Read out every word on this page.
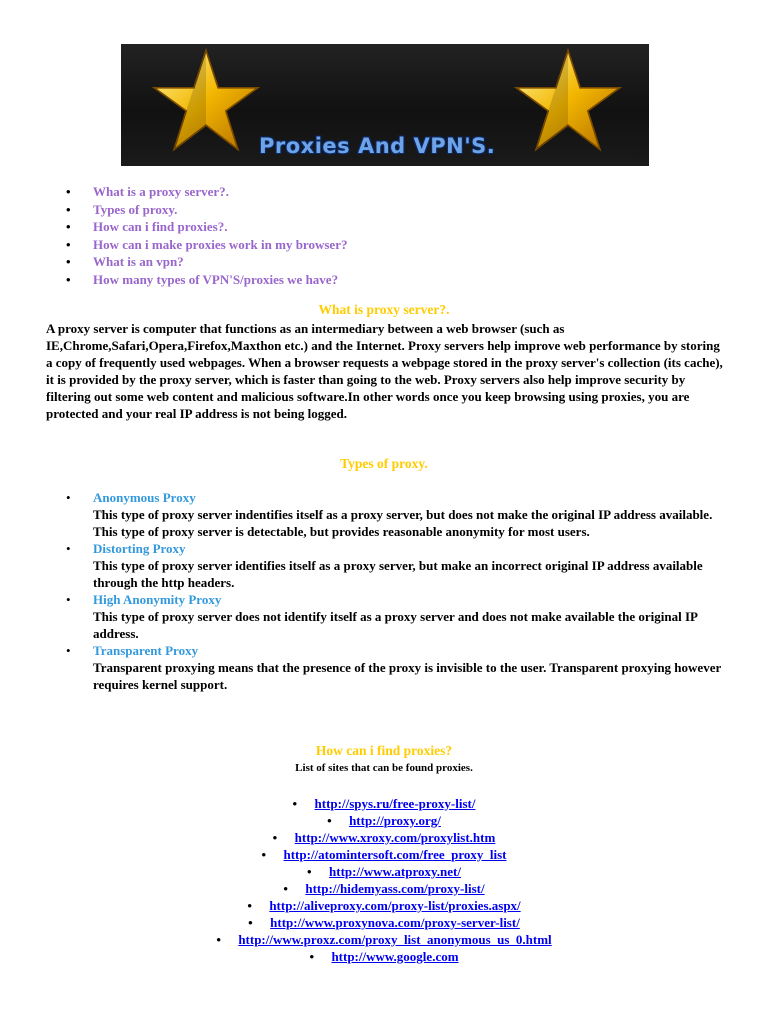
Proxies And VPN'S.
• What is a proxy server?.
• Types of proxy.
• How can i find proxies?.
• How can i make proxies work in my browser?
• What is an vpn?
• How many types of VPN'S/proxies we have?
What is proxy server?.

A proxy server is computer that functions as an intermediary between a web browser (such as IE,Chrome,Safari,Opera,Firefox,Maxthon etc.) and the Internet. Proxy servers help improve web performance by storing a copy of frequently used webpages. When a browser requests a webpage stored in the proxy server's collection (its cache), it is provided by the proxy server, which is faster than going to the web. Proxy servers also help improve security by filtering out some web content and malicious software.In other words once you keep browsing using proxies, you are protected and your real IP address is not being logged.

Types of proxy.
• Anonymous Proxy
This type of proxy server indentifies itself as a proxy server, but does not make the original IP address available. This type of proxy server is detectable, but provides reasonable anonymity for most users.
• Distorting Proxy
This type of proxy server identifies itself as a proxy server, but make an incorrect original IP address available through the http headers.
• High Anonymity Proxy
This type of proxy server does not identify itself as a proxy server and does not make available the original IP address.
• Transparent Proxy
Transparent proxying means that the presence of the proxy is invisible to the user. Transparent proxying however requires kernel support.
How can i find proxies?
List of sites that can be found proxies.
• http://spys.ru/free-proxy-list/
• http://proxy.org/
• http://www.xroxy.com/proxylist.htm
• http://atomintersoft.com/free_proxy_list
• http://www.atproxy.net/
• http://hidemyass.com/proxy-list/
• http://aliveproxy.com/proxy-list/proxies.aspx/
• http://www.proxynova.com/proxy-server-list/
• http://www.proxz.com/proxy_list_anonymous_us_0.html
• http://www.google.com
